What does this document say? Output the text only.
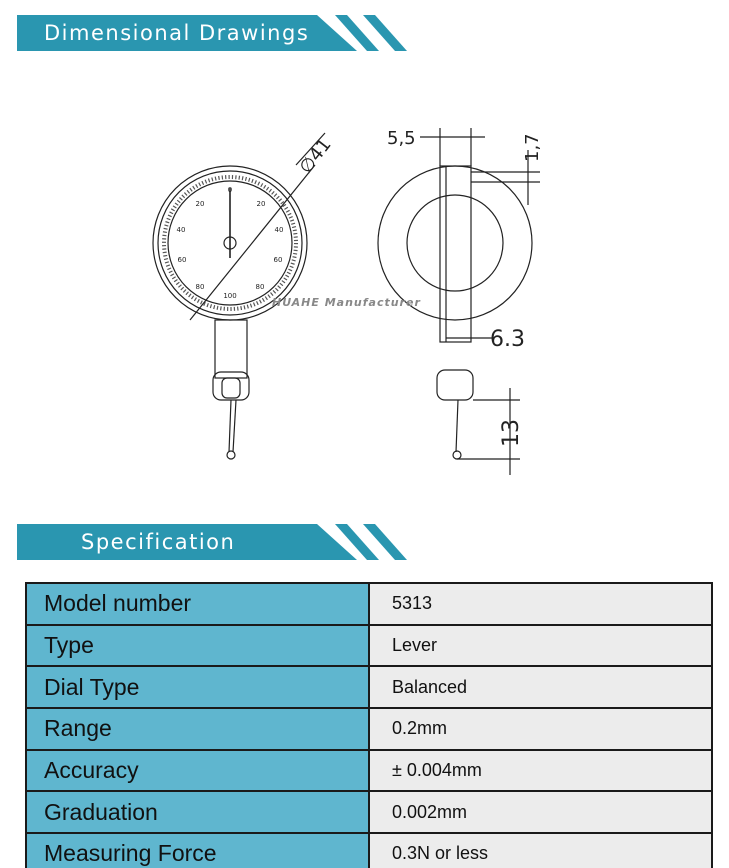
Dimensional Drawings
0
20	20
40	40
60	60
80	80
100
∅41	5,5	1,7
6.3
13
HUAHE Manufacturer
Specification
Model number	5313
Type	Lever
Dial Type	Balanced
Range	0.2mm
Accuracy	± 0.004mm
Graduation	0.002mm
Measuring Force	0.3N or less
